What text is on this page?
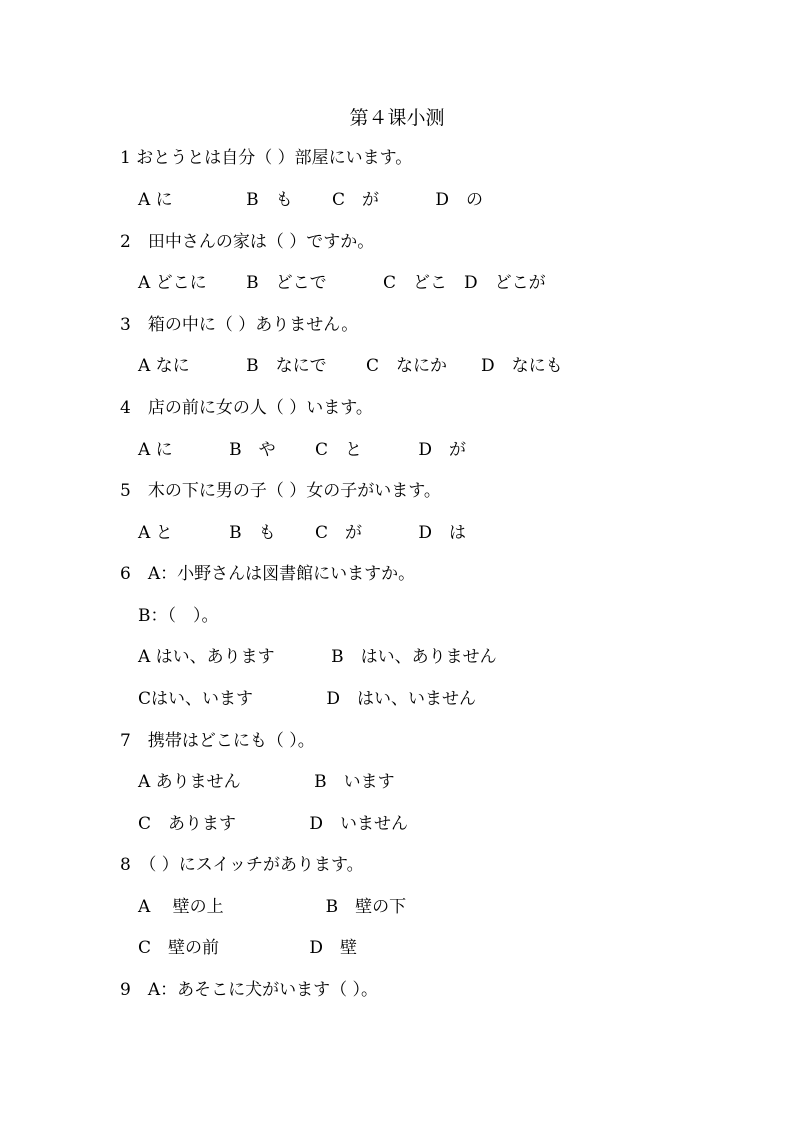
第４课小测
1 おとうとは自分（ ）部屋にいます。
A に　　　　 B　も　　 C　が　　　 D　の
2　田中さんの家は（ ）ですか。
A どこに　　 B　どこで　　　 C　どこ　D　どこが
3　箱の中に（ ）ありません。
A なに　　　 B　なにで　　 C　なにか　　D　なにも
4　店の前に女の人（ ）います。
A に　　　 B　や　　 C　と　　　 D　が
5　木の下に男の子（ ）女の子がいます。
A と　　　 B　も　　 C　が　　　 D　は
6　A：小野さんは図書館にいますか。
B：（　）。
A はい、あります　　　 B　はい、ありません
Cはい、います　　　　 D　はい、いません
7　携帯はどこにも（ ）。
A ありません　　　　 B　います
C　あります　　　　 D　いません
8　（ ）にスイッチがあります。
A　 壁の上　　　　　　B　壁の下
C　壁の前　　　　　 D　壁
9　A：あそこに犬がいます（ ）。
